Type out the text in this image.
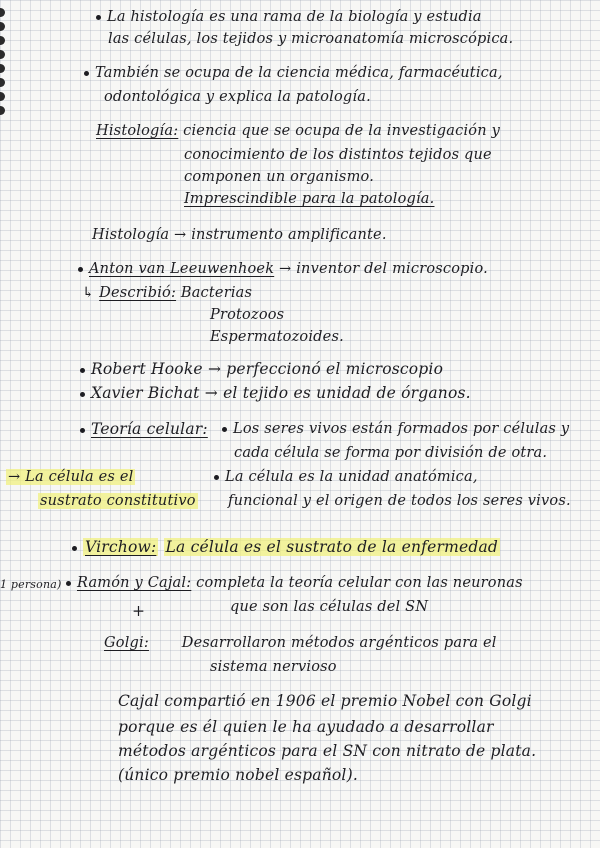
La histología es una rama de la biología y estudia
las células, los tejidos y microanatomía microscópica.
También se ocupa de la ciencia médica, farmacéutica,
odontológica y explica la patología.
Histología: ciencia que se ocupa de la investigación y
conocimiento de los distintos tejidos que
componen un organismo.
Imprescindible para la patología.
Histología → instrumento amplificante.
Anton van Leeuwenhoek → inventor del microscopio.
↳ Describió: Bacterias
Protozoos
Espermatozoides.
Robert Hooke → perfeccionó el microscopio
Xavier Bichat → el tejido es unidad de órganos.
Teoría celular:	Los seres vivos están formados por células y
cada célula se forma por división de otra.
→ La célula es el
sustrato constitutivo
La célula es la unidad anatómica,
funcional y el origen de todos los seres vivos.
Virchow: La célula es el sustrato de la enfermedad
1 persona)	Ramón y Cajal: completa la teoría celular con las neuronas
que son las células del SN
+
Golgi: Desarrollaron métodos argénticos para el
sistema nervioso
Cajal compartió en 1906 el premio Nobel con Golgi
porque es él quien le ha ayudado a desarrollar
métodos argénticos para el SN con nitrato de plata.
(único premio nobel español).
